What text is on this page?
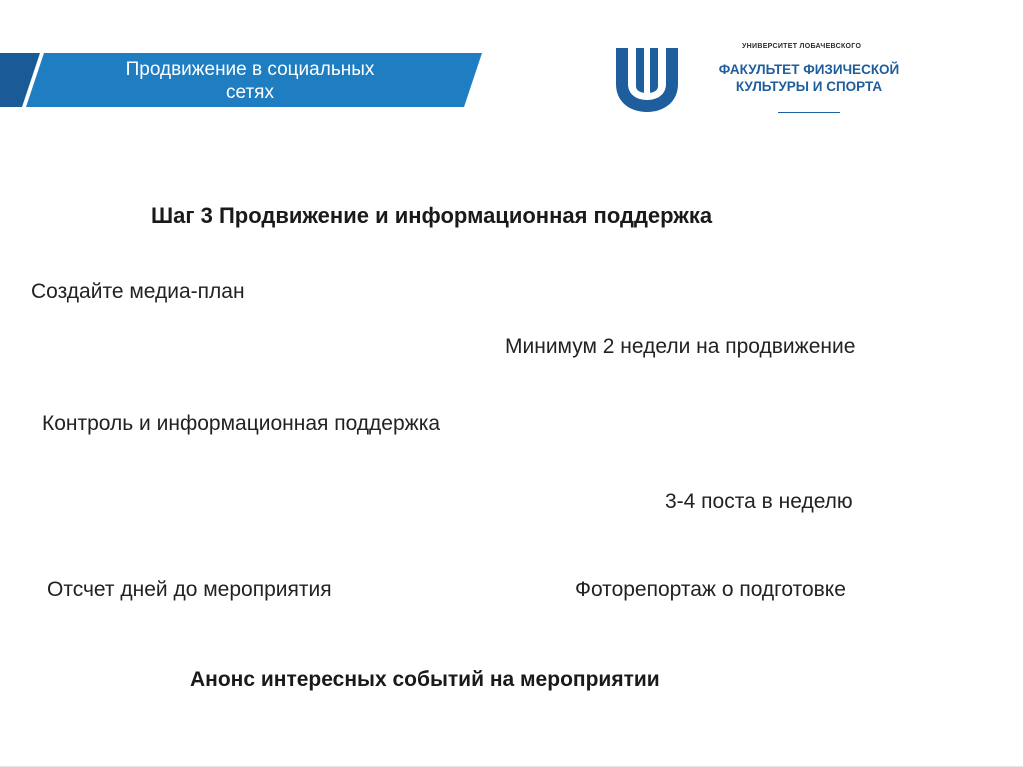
Продвижение в социальных
сетях
УНИВЕРСИТЕТ ЛОБАЧЕВСКОГО
ФАКУЛЬТЕТ ФИЗИЧЕСКОЙ
КУЛЬТУРЫ И СПОРТА
Шаг 3 Продвижение и информационная поддержка
Создайте медиа-план
Минимум 2 недели на продвижение
Контроль и информационная поддержка
3-4 поста в неделю
Отсчет дней до мероприятия	Фоторепортаж о подготовке
Анонс интересных событий на мероприятии
